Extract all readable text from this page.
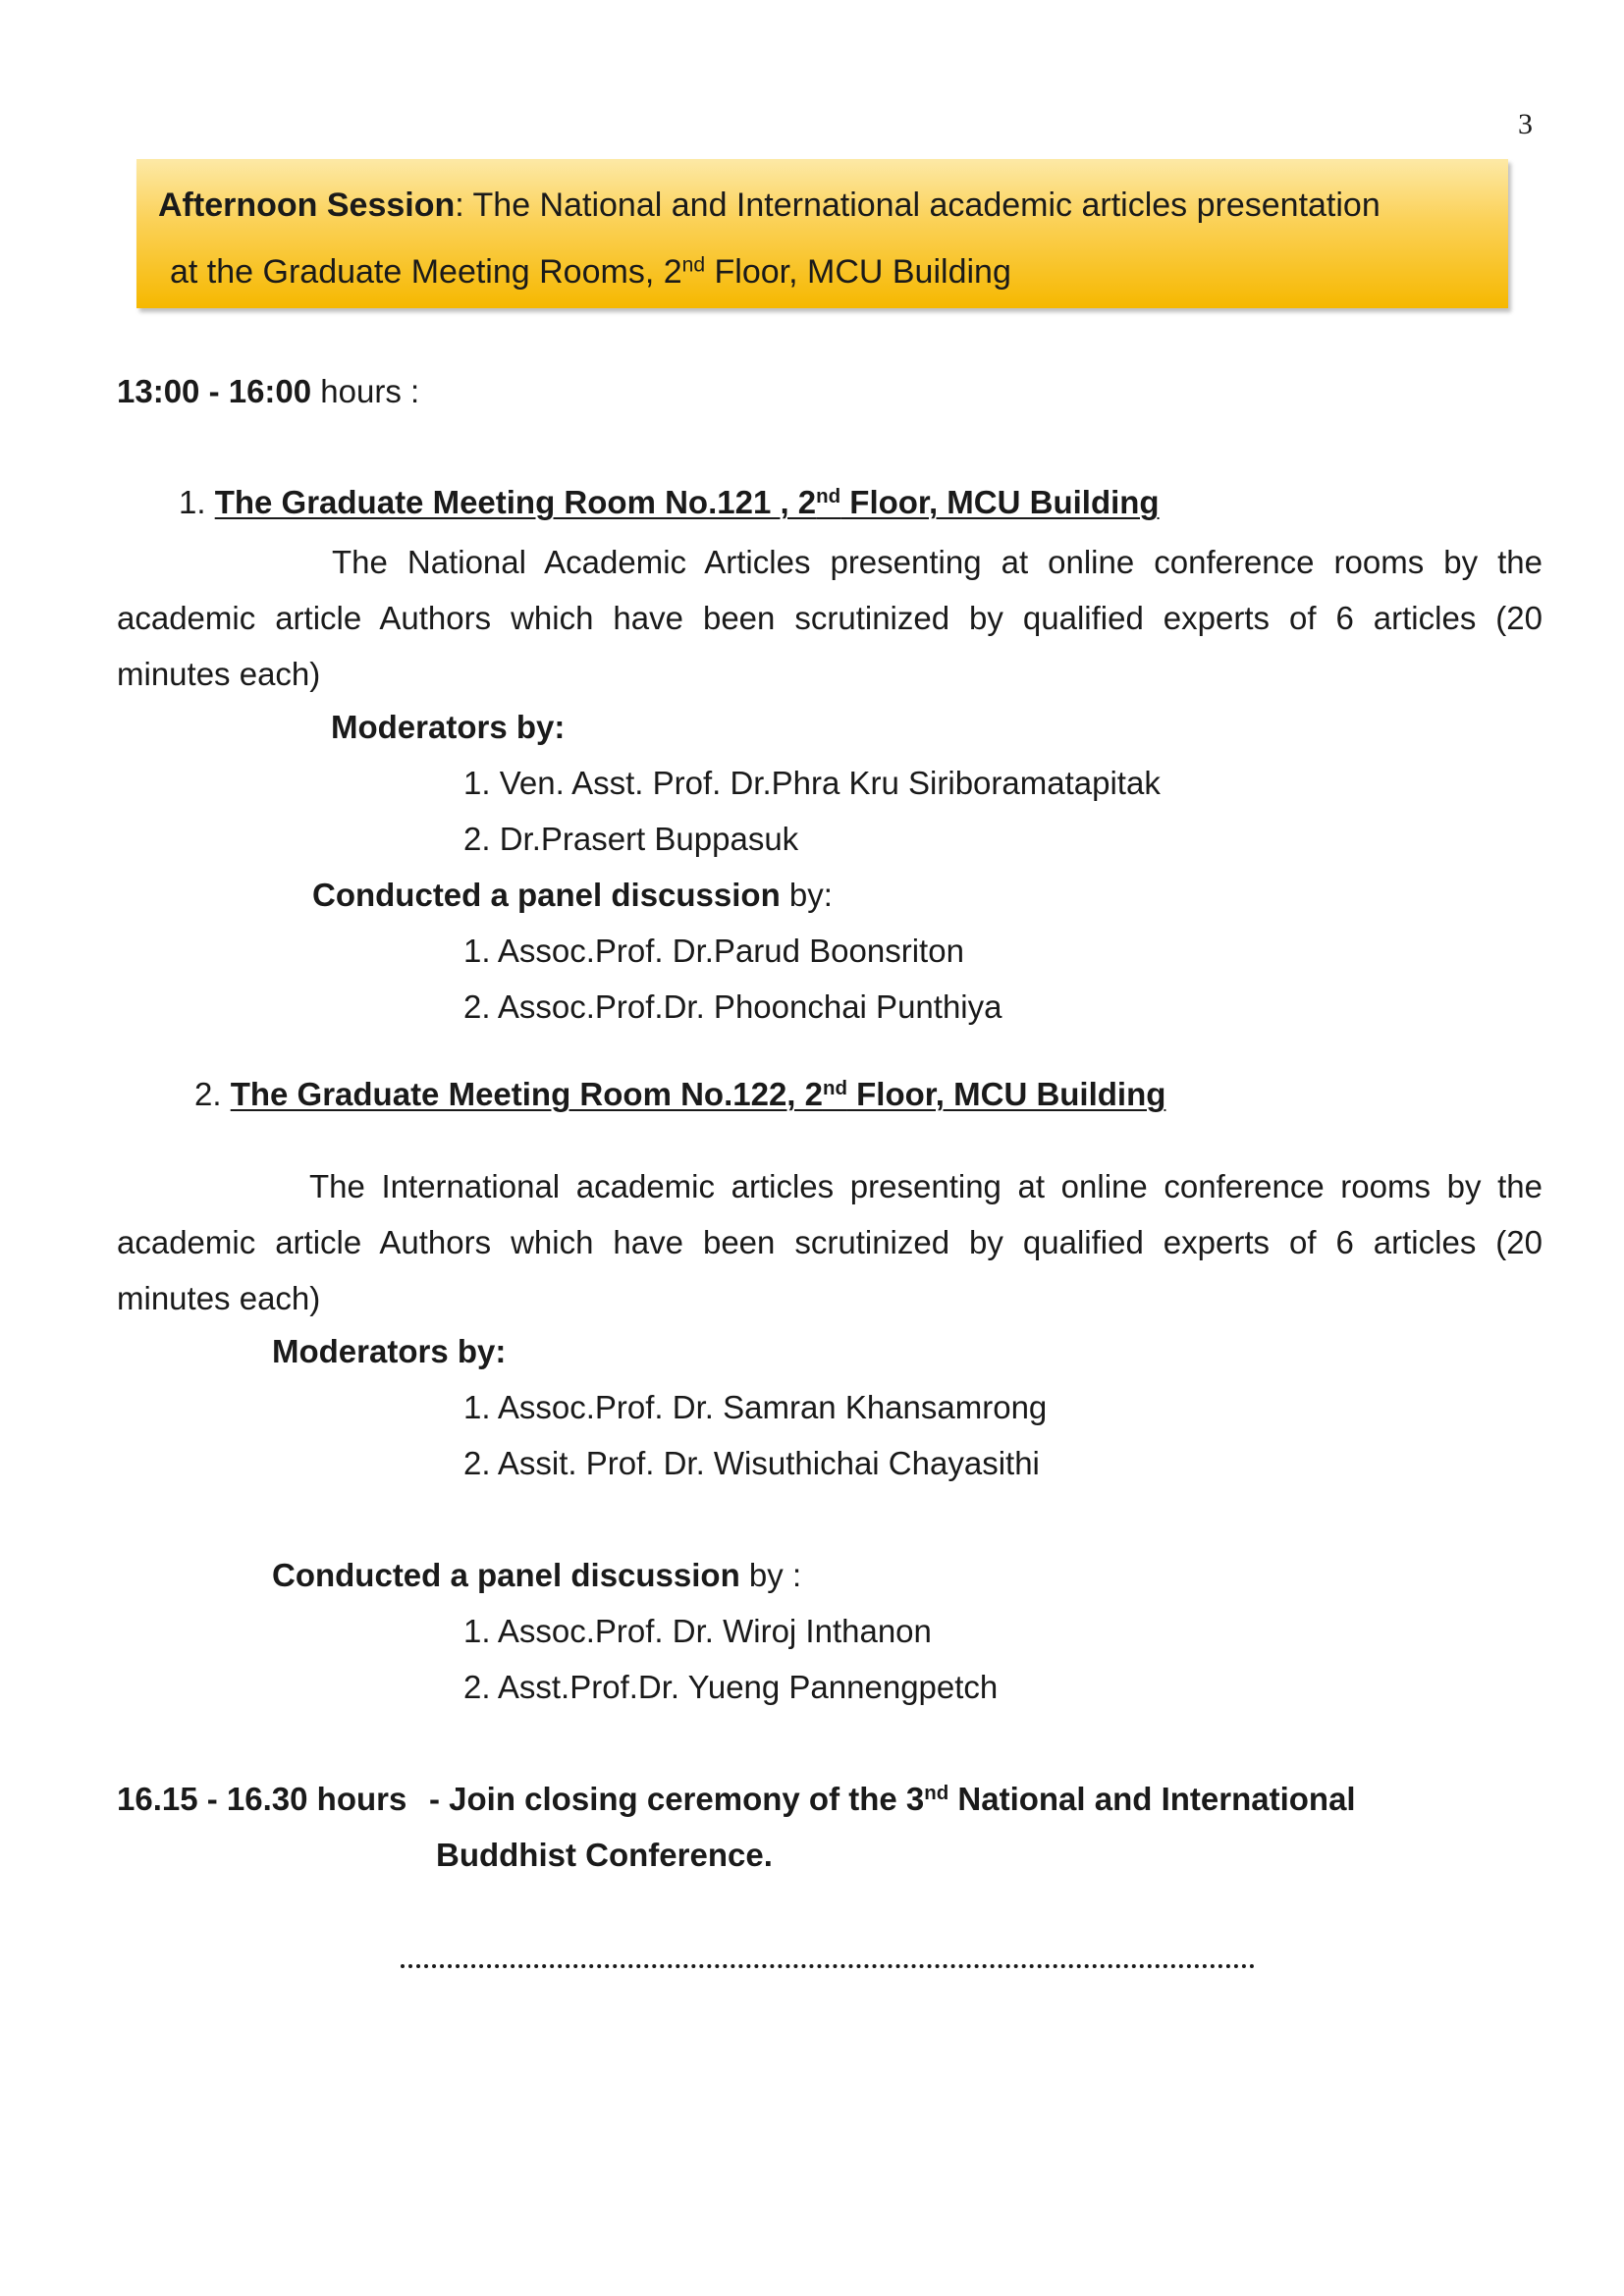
3
Afternoon Session: The National and International academic articles presentation
at the Graduate Meeting Rooms, 2nd Floor, MCU Building
13:00 - 16:00 hours :
1. The Graduate Meeting Room No.121 , 2nd Floor, MCU Building

The National Academic Articles presenting at online conference rooms by the

academic article Authors which have been scrutinized by qualified experts of 6 articles (20

minutes each)

Moderators by:
1. Ven. Asst. Prof. Dr.Phra Kru Siriboramatapitak
2. Dr.Prasert Buppasuk
Conducted a panel discussion by:
1. Assoc.Prof. Dr.Parud Boonsriton
2. Assoc.Prof.Dr. Phoonchai Punthiya
2. The Graduate Meeting Room No.122, 2nd Floor, MCU Building

The International academic articles presenting at online conference rooms by the

academic article Authors which have been scrutinized by qualified experts of 6 articles (20

minutes each)

Moderators by:
1. Assoc.Prof. Dr. Samran Khansamrong
2. Assit. Prof. Dr. Wisuthichai Chayasithi
Conducted a panel discussion by :
1. Assoc.Prof. Dr. Wiroj Inthanon
2. Asst.Prof.Dr. Yueng Pannengpetch
16.15 - 16.30 hours - Join closing ceremony of the 3nd National and International
Buddhist Conference.
